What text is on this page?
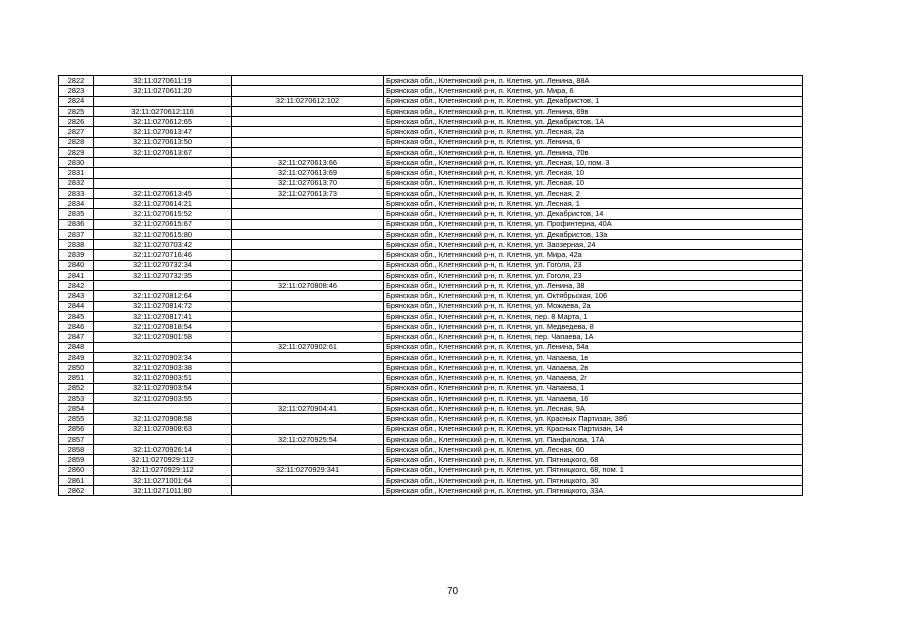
2822	32:11:0270611:19		Брянская обл., Клетнянский р-н, п. Клетня, ул. Ленина, 88А
2823	32:11:0270611:20		Брянская обл., Клетнянский р-н, п. Клетня, ул. Мира, 6
2824		32:11:0270612:102	Брянская обл., Клетнянский р-н, п. Клетня, ул. Декабристов, 1
2825	32:11:0270612:116		Брянская обл., Клетнянский р-н, п. Клетня, ул. Ленина, 69в
2826	32:11:0270612:65		Брянская обл., Клетнянский р-н, п. Клетня, ул. Декабристов, 1А
2827	32:11:0270613:47		Брянская обл., Клетнянский р-н, п. Клетня, ул. Лесная, 2а
2828	32:11:0270613:50		Брянская обл., Клетнянский р-н, п. Клетня, ул. Ленина, 6
2829	32:11:0270613:67		Брянская обл., Клетнянский р-н, п. Клетня, ул. Ленина, 70в
2830		32:11:0270613:66	Брянская обл., Клетнянский р-н, п. Клетня, ул. Лесная, 10, пом. 3
2831		32:11:0270613:69	Брянская обл., Клетнянский р-н, п. Клетня, ул. Лесная, 10
2832		32:11:0270613:70	Брянская обл., Клетнянский р-н, п. Клетня, ул. Лесная, 10
2833	32:11:0270613:45	32:11:0270613:73	Брянская обл., Клетнянский р-н, п. Клетня, ул. Лесная, 2
2834	32:11:0270614:21		Брянская обл., Клетнянский р-н, п. Клетня, ул. Лесная, 1
2835	32:11:0270615:52		Брянская обл., Клетнянский р-н, п. Клетня, ул. Декабристов, 14
2836	32:11:0270615:67		Брянская обл., Клетнянский р-н, п. Клетня, ул. Профинтерна, 40А
2837	32:11:0270615:80		Брянская обл., Клетнянский р-н, п. Клетня, ул. Декабристов, 13а
2838	32:11:0270703:42		Брянская обл., Клетнянский р-н, п. Клетня, ул. Заозерная, 24
2839	32:11:0270716:46		Брянская обл., Клетнянский р-н, п. Клетня, ул. Мира, 42а
2840	32:11:0270732:34		Брянская обл., Клетнянский р-н, п. Клетня, ул. Гоголя, 23
2841	32:11:0270732:35		Брянская обл., Клетнянский р-н, п. Клетня, ул. Гоголя, 23
2842		32:11:0270808:46	Брянская обл., Клетнянский р-н, п. Клетня, ул. Ленина, 38
2843	32:11:0270812:64		Брянская обл., Клетнянский р-н, п. Клетня, ул. Октябрьская, 106
2844	32:11:0270814:72		Брянская обл., Клетнянский р-н, п. Клетня, ул. Можаева, 2а
2845	32:11:0270817:41		Брянская обл., Клетнянский р-н, п. Клетня, пер. 8 Марта, 1
2846	32:11:0270818:54		Брянская обл., Клетнянский р-н, п. Клетня, ул. Медведева, 8
2847	32:11:0270901:58		Брянская обл., Клетнянский р-н, п. Клетня, пер. Чапаева, 1А
2848		32:11:0270902:61	Брянская обл., Клетнянский р-н, п. Клетня, ул. Ленина, 54а
2849	32:11:0270903:34		Брянская обл., Клетнянский р-н, п. Клетня, ул. Чапаева, 1в
2850	32:11:0270903:38		Брянская обл., Клетнянский р-н, п. Клетня, ул. Чапаева, 2в
2851	32:11:0270903:51		Брянская обл., Клетнянский р-н, п. Клетня, ул. Чапаева, 2г
2852	32:11:0270903:54		Брянская обл., Клетнянский р-н, п. Клетня, ул. Чапаева, 1
2853	32:11:0270903:55		Брянская обл., Клетнянский р-н, п. Клетня, ул. Чапаева, 16
2854		32:11:0270904:41	Брянская обл., Клетнянский р-н, п. Клетня, ул. Лесная, 9А
2855	32:11:0270908:58		Брянская обл., Клетнянский р-н, п. Клетня, ул. Красных Партизан, 38б
2856	32:11:0270908:63		Брянская обл., Клетнянский р-н, п. Клетня, ул. Красных Партизан, 14
2857		32:11:0270925:54	Брянская обл., Клетнянский р-н, п. Клетня, ул. Панфилова, 17А
2858	32:11:0270926:14		Брянская обл., Клетнянский р-н, п. Клетня, ул. Лесная, 60
2859	32:11:0270929:112		Брянская обл., Клетнянский р-н, п. Клетня, ул. Пятницкого, 68
2860	32:11:0270929:112	32:11:0270929:341	Брянская обл., Клетнянский р-н, п. Клетня, ул. Пятницкого, 68, пом. 1
2861	32:11:0271001:64		Брянская обл., Клетнянский р-н, п. Клетня, ул. Пятницкого, 30
2862	32:11:0271011:80		Брянская обл., Клетнянский р-н, п. Клетня, ул. Пятницкого, 33А
70
